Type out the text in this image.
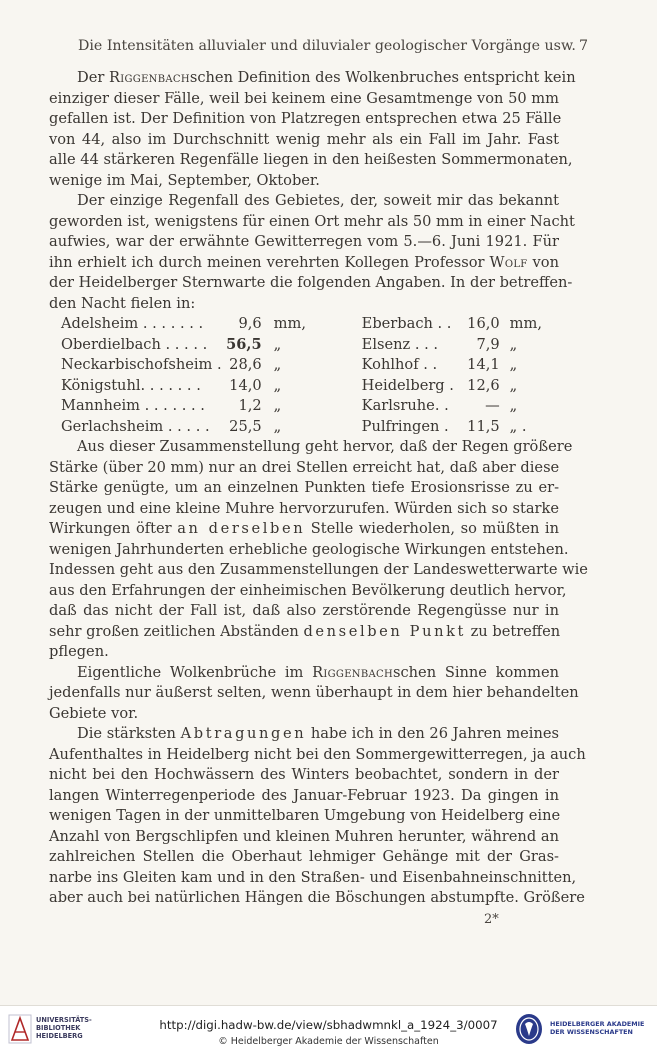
Die Intensitäten alluvialer und diluvialer geologischer Vorgänge usw. 7
Der Riggenbachschen Definition des Wolkenbruches entspricht kein
einziger dieser Fälle, weil bei keinem eine Gesamtmenge von 50 mm
gefallen ist. Der Definition von Platzregen entsprechen etwa 25 Fälle
von 44, also im Durchschnitt wenig mehr als ein Fall im Jahr. Fast
alle 44 stärkeren Regenfälle liegen in den heißesten Sommermonaten,
wenige im Mai, September, Oktober.
Der einzige Regenfall des Gebietes, der, soweit mir das bekannt
geworden ist, wenigstens für einen Ort mehr als 50 mm in einer Nacht
aufwies, war der erwähnte Gewitterregen vom 5.—6. Juni 1921. Für
ihn erhielt ich durch meinen verehrten Kollegen Professor Wolf von
der Heidelberger Sternwarte die folgenden Angaben. In der betreffen-
den Nacht fielen in:
Adelsheim . . . . . . .	9,6	mm,		Eberbach . .	16,0	mm,
Oberdielbach . . . . .	56,5	„		Elsenz . . .	7,9	„
Neckarbischofsheim .	28,6	„		Kohlhof . .	14,1	„
Königstuhl. . . . . . .	14,0	„		Heidelberg .	12,6	„
Mannheim . . . . . . .	1,2	„		Karlsruhe. .	—	„
Gerlachsheim . . . . .	25,5	„		Pulfringen .	11,5	„ .
Aus dieser Zusammenstellung geht hervor, daß der Regen größere
Stärke (über 20 mm) nur an drei Stellen erreicht hat, daß aber diese
Stärke genügte, um an einzelnen Punkten tiefe Erosionsrisse zu er-
zeugen und eine kleine Muhre hervorzurufen. Würden sich so starke
Wirkungen öfter an derselben Stelle wiederholen, so müßten in
wenigen Jahrhunderten erhebliche geologische Wirkungen entstehen.
Indessen geht aus den Zusammenstellungen der Landeswetterwarte wie
aus den Erfahrungen der einheimischen Bevölkerung deutlich hervor,
daß das nicht der Fall ist, daß also zerstörende Regengüsse nur in
sehr großen zeitlichen Abständen denselben Punkt zu betreffen
pflegen.
Eigentliche Wolkenbrüche im Riggenbachschen Sinne kommen
jedenfalls nur äußerst selten, wenn überhaupt in dem hier behandelten
Gebiete vor.
Die stärksten Abtragungen habe ich in den 26 Jahren meines
Aufenthaltes in Heidelberg nicht bei den Sommergewitterregen, ja auch
nicht bei den Hochwässern des Winters beobachtet, sondern in der
langen Winterregenperiode des Januar-Februar 1923. Da gingen in
wenigen Tagen in der unmittelbaren Umgebung von Heidelberg eine
Anzahl von Bergschlipfen und kleinen Muhren herunter, während an
zahlreichen Stellen die Oberhaut lehmiger Gehänge mit der Gras-
narbe ins Gleiten kam und in den Straßen- und Eisenbahneinschnitten,
aber auch bei natürlichen Hängen die Böschungen abstumpfte. Größere
2*
UNIVERSITÄTS-
BIBLIOTHEK
HEIDELBERG
http://digi.hadw-bw.de/view/sbhadwmnkl_a_1924_3/0007
© Heidelberger Akademie der Wissenschaften
HEIDELBERGER AKADEMIE
DER WISSENSCHAFTEN
